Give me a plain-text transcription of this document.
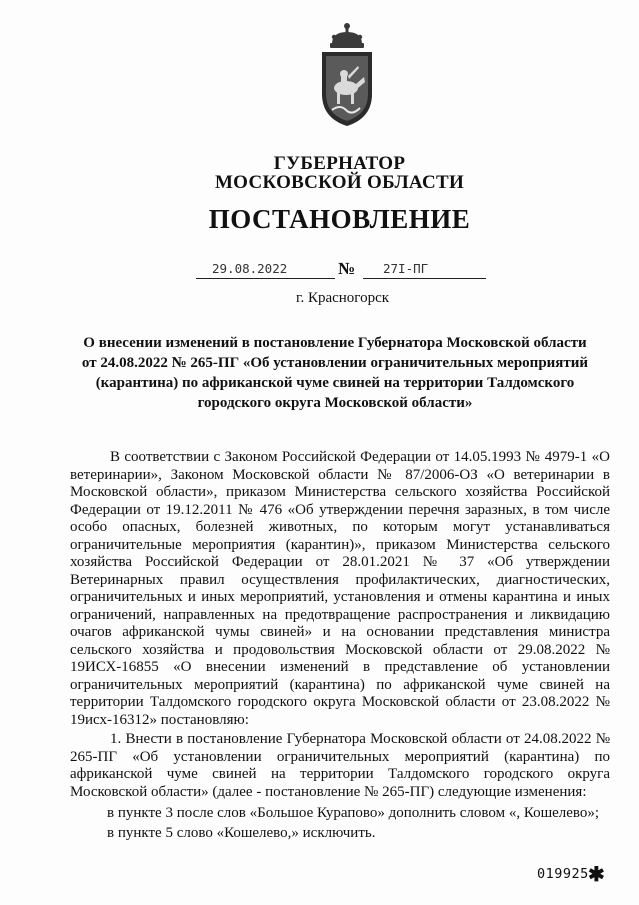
ГУБЕРНАТОР
МОСКОВСКОЙ ОБЛАСТИ
ПОСТАНОВЛЕНИЕ
29.08.2022	№ 27I-ПГ
г. Красногорск
О внесении изменений в постановление Губернатора Московской области
от 24.08.2022 № 265-ПГ «Об установлении ограничительных мероприятий
(карантина) по африканской чуме свиней на территории Талдомского
городского округа Московской области»

В соответствии с Законом Российской Федерации от 14.05.1993 № 4979-1 «О ветеринарии», Законом Московской области № 87/2006-ОЗ «О ветеринарии в Московской области», приказом Министерства сельского хозяйства Российской Федерации от 19.12.2011 № 476 «Об утверждении перечня заразных, в том числе особо опасных, болезней животных, по которым могут устанавливаться ограничительные мероприятия (карантин)», приказом Министерства сельского хозяйства Российской Федерации от 28.01.2021 № 37 «Об утверждении Ветеринарных правил осуществления профилактических, диагностических, ограничительных и иных мероприятий, установления и отмены карантина и иных ограничений, направленных на предотвращение распространения и ликвидацию очагов африканской чумы свиней» и на основании представления министра сельского хозяйства и продовольствия Московской области от 29.08.2022 № 19ИСХ-16855 «О внесении изменений в представление об установлении ограничительных мероприятий (карантина) по африканской чуме свиней на территории Талдомского городского округа Московской области от 23.08.2022 № 19исх-16312» постановляю:

1. Внести в постановление Губернатора Московской области от 24.08.2022 № 265-ПГ «Об установлении ограничительных мероприятий (карантина) по африканской чуме свиней на территории Талдомского городского округа Московской области» (далее - постановление № 265-ПГ) следующие изменения:

в пункте 3 после слов «Большое Курапово» дополнить словом «, Кошелево»;

в пункте 5 слово «Кошелево,» исключить.

019925 ✱
